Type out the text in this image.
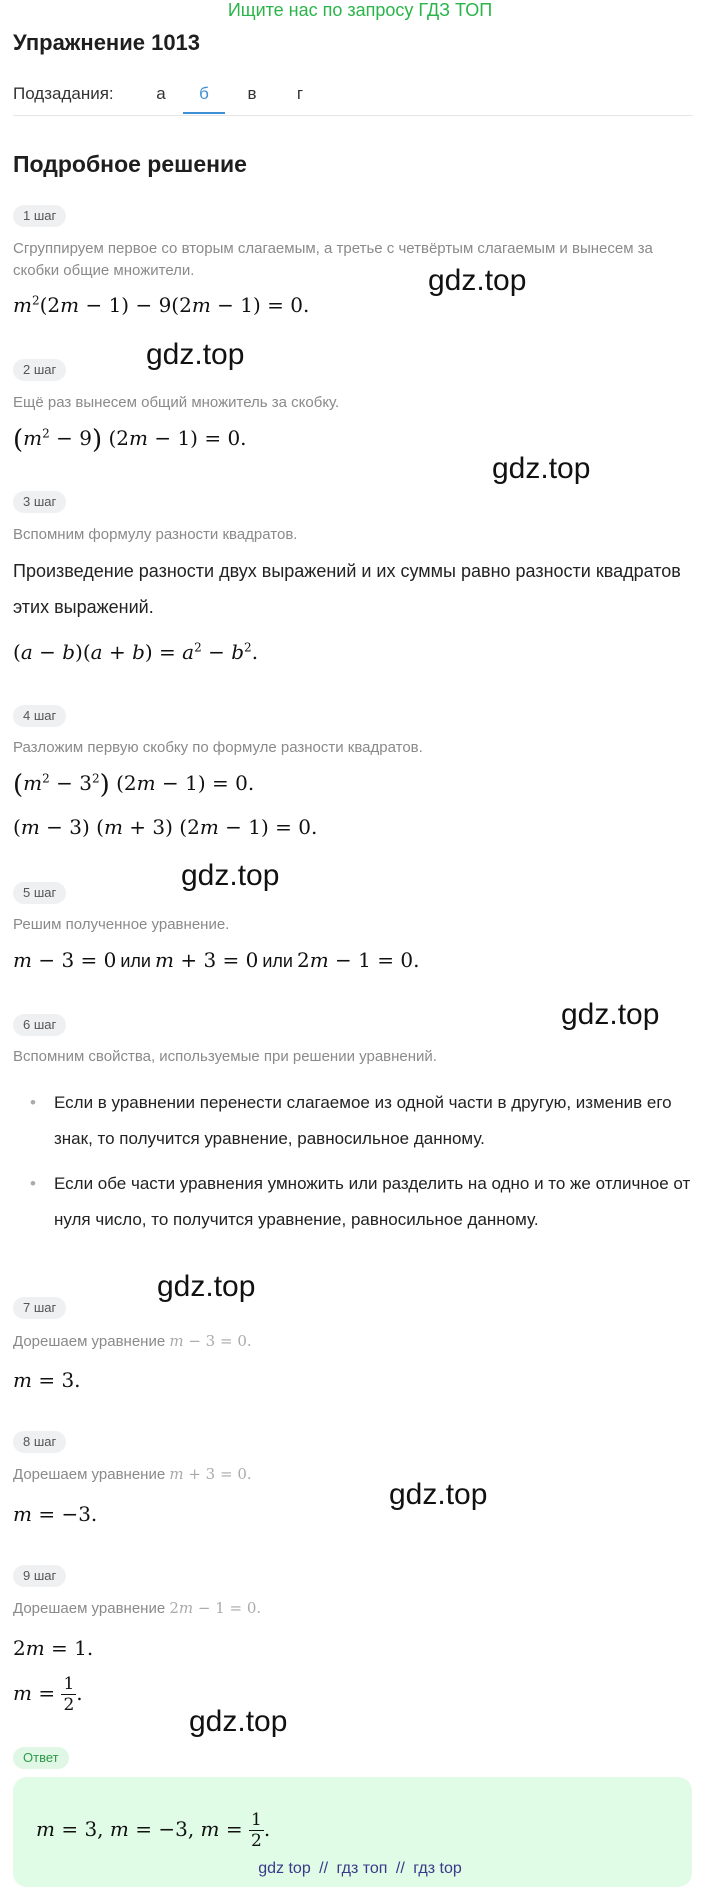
Ищите нас по запросу ГДЗ ТОП
Упражнение 1013
Подзадания:	а	б	в	г
Подробное решение
1 шаг
Сгруппируем первое со вторым слагаемым, а третье с четвёртым слагаемым и вынесем за скобки общие множители.
$m^2(2m - 1) - 9(2m - 1) = 0$.
gdz.top
gdz.top
2 шаг
Ещё раз вынесем общий множитель за скобку.
$(m^2 - 9) (2m - 1) = 0$.
gdz.top
3 шаг
Вспомним формулу разности квадратов.
Произведение разности двух выражений и их суммы равно разности квадратов этих выражений.
$(a - b)(a + b) = a^2 - b^2$.
4 шаг
Разложим первую скобку по формуле разности квадратов.
$(m^2 - 3^2) (2m - 1) = 0$.
(m − 3) (m + 3) (2m − 1) = 0.
gdz.top
5 шаг
Решим полученное уравнение.
m − 3 = 0 или m + 3 = 0 или 2m − 1 = 0.
gdz.top
6 шаг
Вспомним свойства, используемые при решении уравнений.
•	Если в уравнении перенести слагаемое из одной части в другую, изменив его знак, то получится уравнение, равносильное данному.
•	Если обе части уравнения умножить или разделить на одно и то же отличное от нуля число, то получится уравнение, равносильное данному.
gdz.top
7 шаг
Дорешаем уравнение m − 3 = 0.
m = 3.
8 шаг
Дорешаем уравнение m + 3 = 0.
m = −3.
gdz.top
9 шаг
Дорешаем уравнение 2m − 1 = 0.
2m = 1.
$m = \frac{1}{2}$ .
gdz.top
Ответ
m = 3, m = −3, $m = \frac{1}{2}$ .
gdz top // гдз топ // гдз top
